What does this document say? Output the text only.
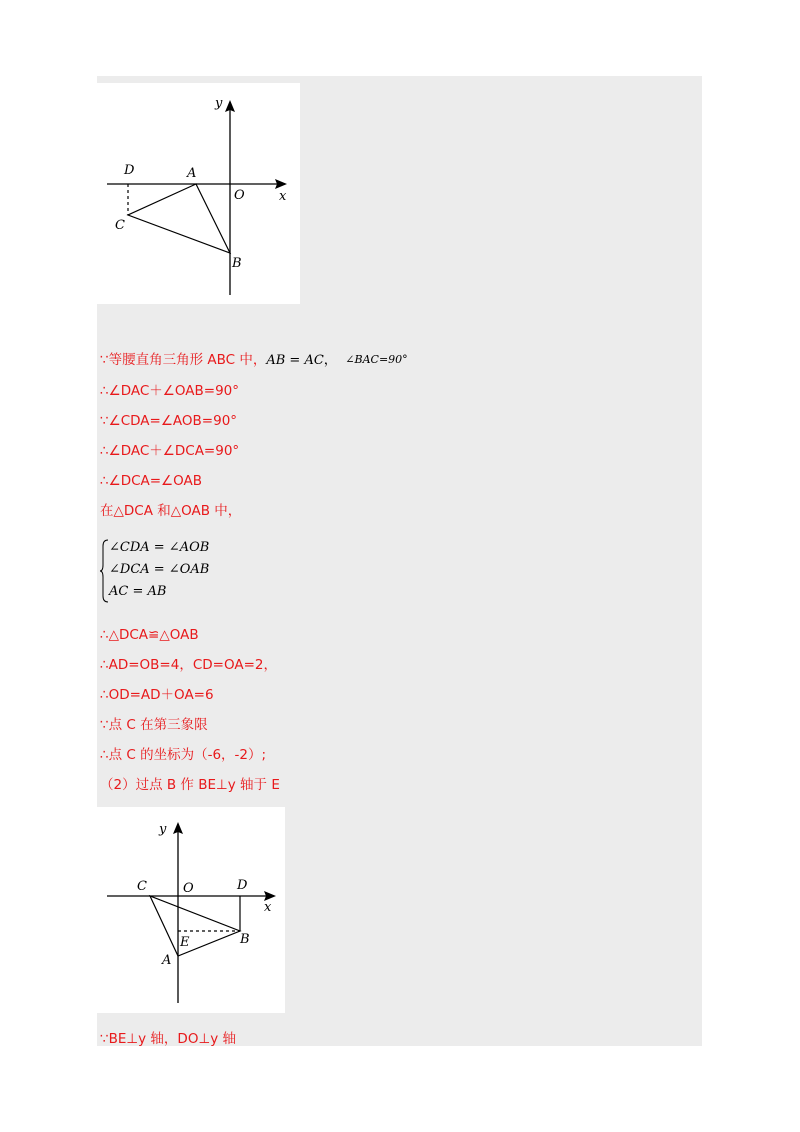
y
x
D	A
O
C
B
∵等腰直角三角形 ABC 中，AB = AC， ∠BAC=90°
∴∠DAC＋∠OAB=90°
∵∠CDA=∠AOB=90°
∴∠DAC＋∠DCA=90°
∴∠DCA=∠OAB
在△DCA 和△OAB 中，
∠CDA = ∠AOB
∠DCA = ∠OAB
AC = AB
∴△DCA≌△OAB
∴AD=OB=4，CD=OA=2，
∴OD=AD＋OA=6
∵点 C 在第三象限
∴点 C 的坐标为（-6，-2）;
（2）过点 B 作 BE⊥y 轴于 E
y
x
C	O	D
E	B
A
∵BE⊥y 轴，DO⊥y 轴
